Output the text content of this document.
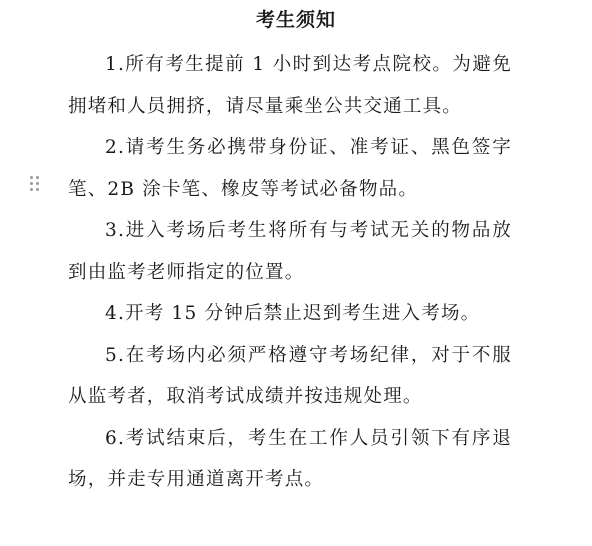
考生须知

1.所有考生提前 1 小时到达考点院校。为避免拥堵和人员拥挤，请尽量乘坐公共交通工具。

2.请考生务必携带身份证、准考证、黑色签字笔、2B 涂卡笔、橡皮等考试必备物品。

3.进入考场后考生将所有与考试无关的物品放到由监考老师指定的位置。

4.开考 15 分钟后禁止迟到考生进入考场。

5.在考场内必须严格遵守考场纪律，对于不服从监考者，取消考试成绩并按违规处理。

6.考试结束后，考生在工作人员引领下有序退场，并走专用通道离开考点。
